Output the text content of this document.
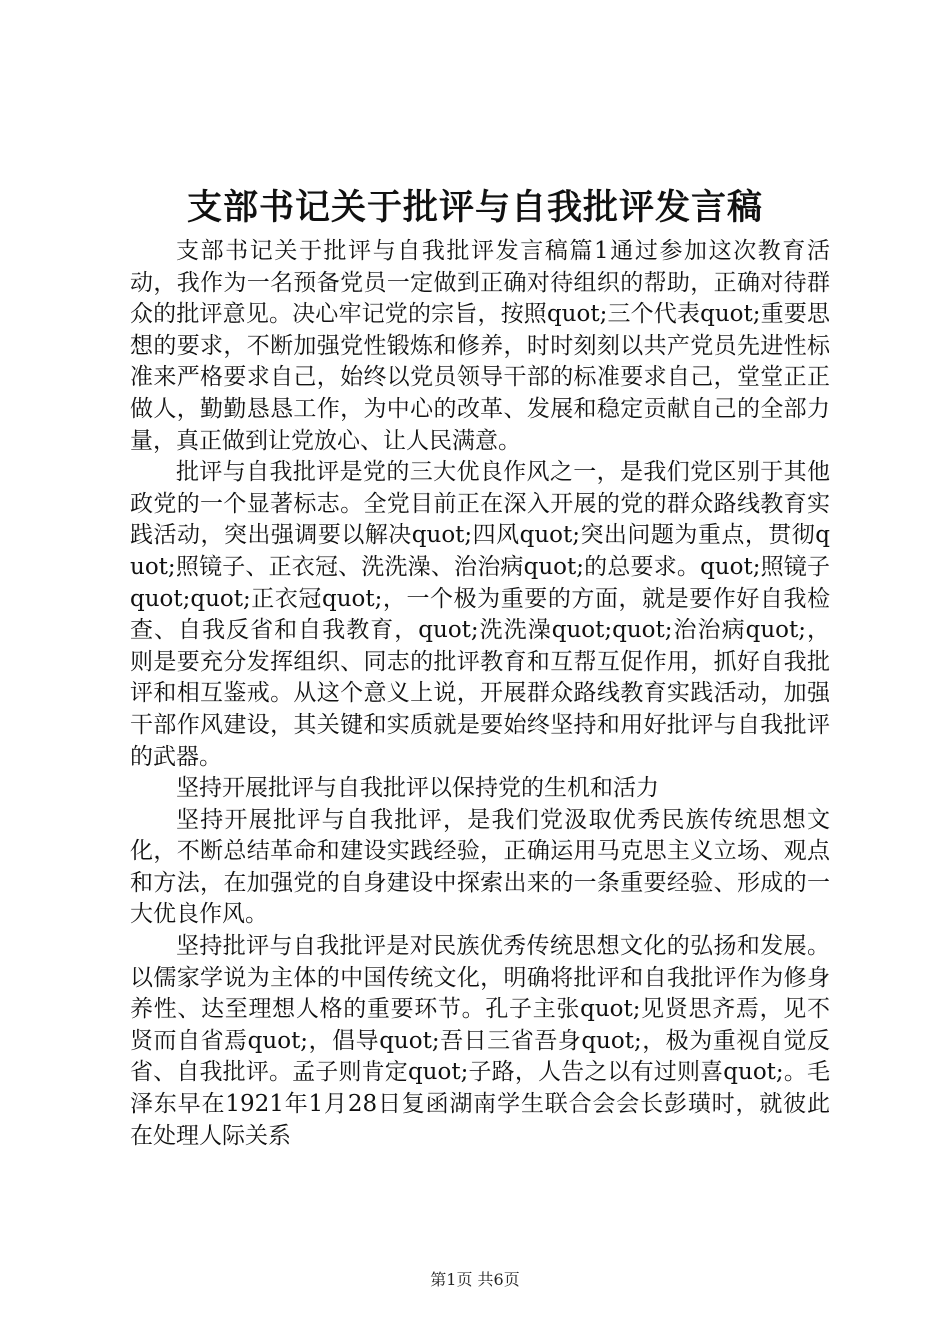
支部书记关于批评与自我批评发言稿

支部书记关于批评与自我批评发言稿篇1通过参加这次教育活动，我作为一名预备党员一定做到正确对待组织的帮助，正确对待群众的批评意见。决心牢记党的宗旨，按照quot;三个代表quot;重要思想的要求，不断加强党性锻炼和修养，时时刻刻以共产党员先进性标准来严格要求自己，始终以党员领导干部的标准要求自己，堂堂正正做人，勤勤恳恳工作，为中心的改革、发展和稳定贡献自己的全部力量，真正做到让党放心、让人民满意。

批评与自我批评是党的三大优良作风之一，是我们党区别于其他政党的一个显著标志。全党目前正在深入开展的党的群众路线教育实践活动，突出强调要以解决quot;四风quot;突出问题为重点，贯彻quot;照镜子、正衣冠、洗洗澡、治治病quot;的总要求。quot;照镜子quot;quot;正衣冠quot;，一个极为重要的方面，就是要作好自我检查、自我反省和自我教育，quot;洗洗澡quot;quot;治治病quot;，则是要充分发挥组织、同志的批评教育和互帮互促作用，抓好自我批评和相互鉴戒。从这个意义上说，开展群众路线教育实践活动，加强干部作风建设，其关键和实质就是要始终坚持和用好批评与自我批评的武器。

坚持开展批评与自我批评以保持党的生机和活力

坚持开展批评与自我批评，是我们党汲取优秀民族传统思想文化，不断总结革命和建设实践经验，正确运用马克思主义立场、观点和方法，在加强党的自身建设中探索出来的一条重要经验、形成的一大优良作风。

坚持批评与自我批评是对民族优秀传统思想文化的弘扬和发展。以儒家学说为主体的中国传统文化，明确将批评和自我批评作为修身养性、达至理想人格的重要环节。孔子主张quot;见贤思齐焉，见不贤而自省焉quot;，倡导quot;吾日三省吾身quot;，极为重视自觉反省、自我批评。孟子则肯定quot;子路，人告之以有过则喜quot;。毛泽东早在1921年1月28日复函湖南学生联合会会长彭璜时，就彼此在处理人际关系

第1页 共6页
